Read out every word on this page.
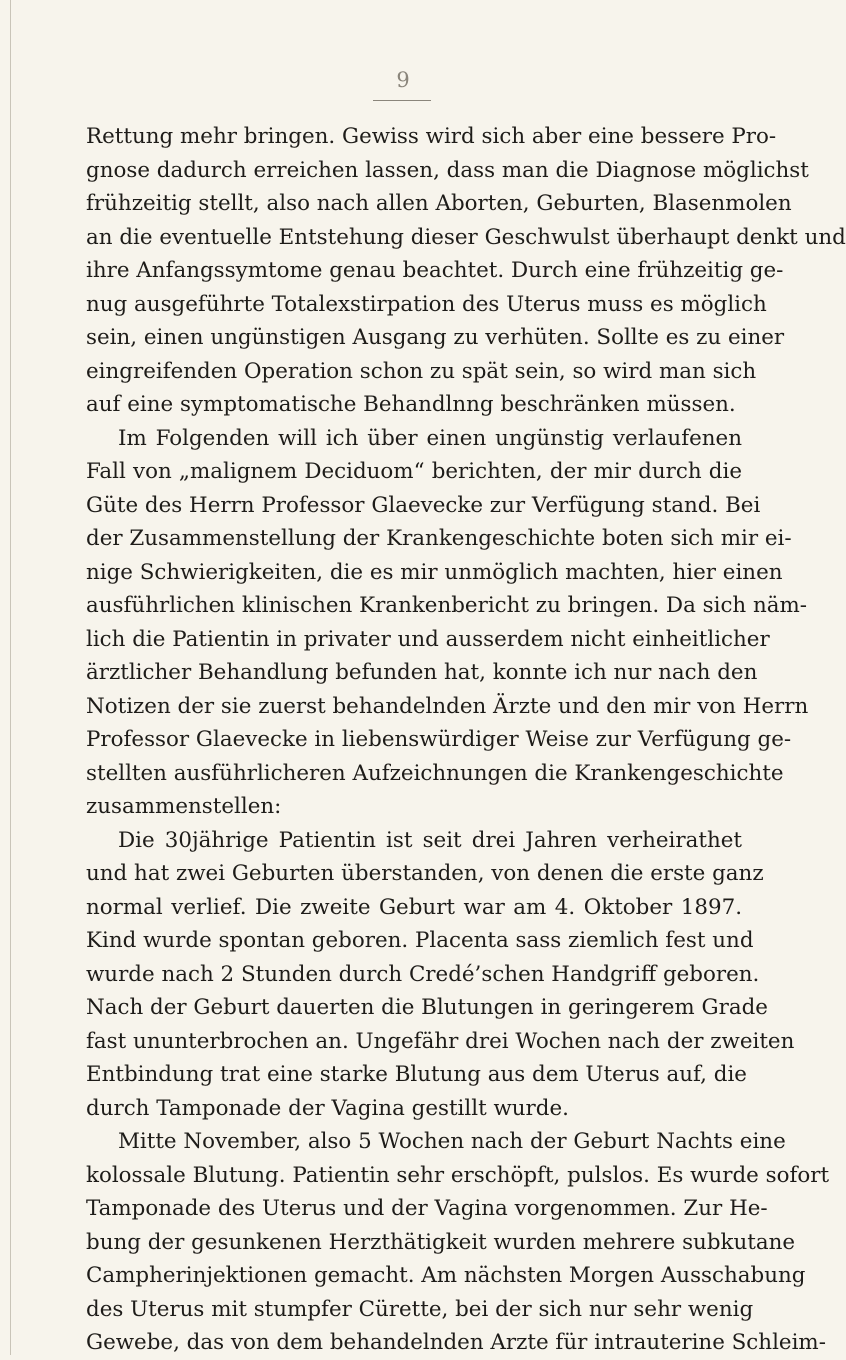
9
Rettung mehr bringen. Gewiss wird sich aber eine bessere Pro-
gnose dadurch erreichen lassen, dass man die Diagnose möglichst
frühzeitig stellt, also nach allen Aborten, Geburten, Blasenmolen
an die eventuelle Entstehung dieser Geschwulst überhaupt denkt und
ihre Anfangssymtome genau beachtet. Durch eine frühzeitig ge-
nug ausgeführte Totalexstirpation des Uterus muss es möglich
sein, einen ungünstigen Ausgang zu verhüten. Sollte es zu einer
eingreifenden Operation schon zu spät sein, so wird man sich
auf eine symptomatische Behandlnng beschränken müssen.
Im Folgenden will ich über einen ungünstig verlaufenen
Fall von „malignem Deciduom“ berichten, der mir durch die
Güte des Herrn Professor Glaevecke zur Verfügung stand. Bei
der Zusammenstellung der Krankengeschichte boten sich mir ei-
nige Schwierigkeiten, die es mir unmöglich machten, hier einen
ausführlichen klinischen Krankenbericht zu bringen. Da sich näm-
lich die Patientin in privater und ausserdem nicht einheitlicher
ärztlicher Behandlung befunden hat, konnte ich nur nach den
Notizen der sie zuerst behandelnden Ärzte und den mir von Herrn
Professor Glaevecke in liebenswürdiger Weise zur Verfügung ge-
stellten ausführlicheren Aufzeichnungen die Krankengeschichte
zusammenstellen:
Die 30jährige Patientin ist seit drei Jahren verheirathet
und hat zwei Geburten überstanden, von denen die erste ganz
normal verlief. Die zweite Geburt war am 4. Oktober 1897.
Kind wurde spontan geboren. Placenta sass ziemlich fest und
wurde nach 2 Stunden durch Credé’schen Handgriff geboren.
Nach der Geburt dauerten die Blutungen in geringerem Grade
fast ununterbrochen an. Ungefähr drei Wochen nach der zweiten
Entbindung trat eine starke Blutung aus dem Uterus auf, die
durch Tamponade der Vagina gestillt wurde.
Mitte November, also 5 Wochen nach der Geburt Nachts eine
kolossale Blutung. Patientin sehr erschöpft, pulslos. Es wurde sofort
Tamponade des Uterus und der Vagina vorgenommen. Zur He-
bung der gesunkenen Herzthätigkeit wurden mehrere subkutane
Campherinjektionen gemacht. Am nächsten Morgen Ausschabung
des Uterus mit stumpfer Cürette, bei der sich nur sehr wenig
Gewebe, das von dem behandelnden Arzte für intrauterine Schleim-
